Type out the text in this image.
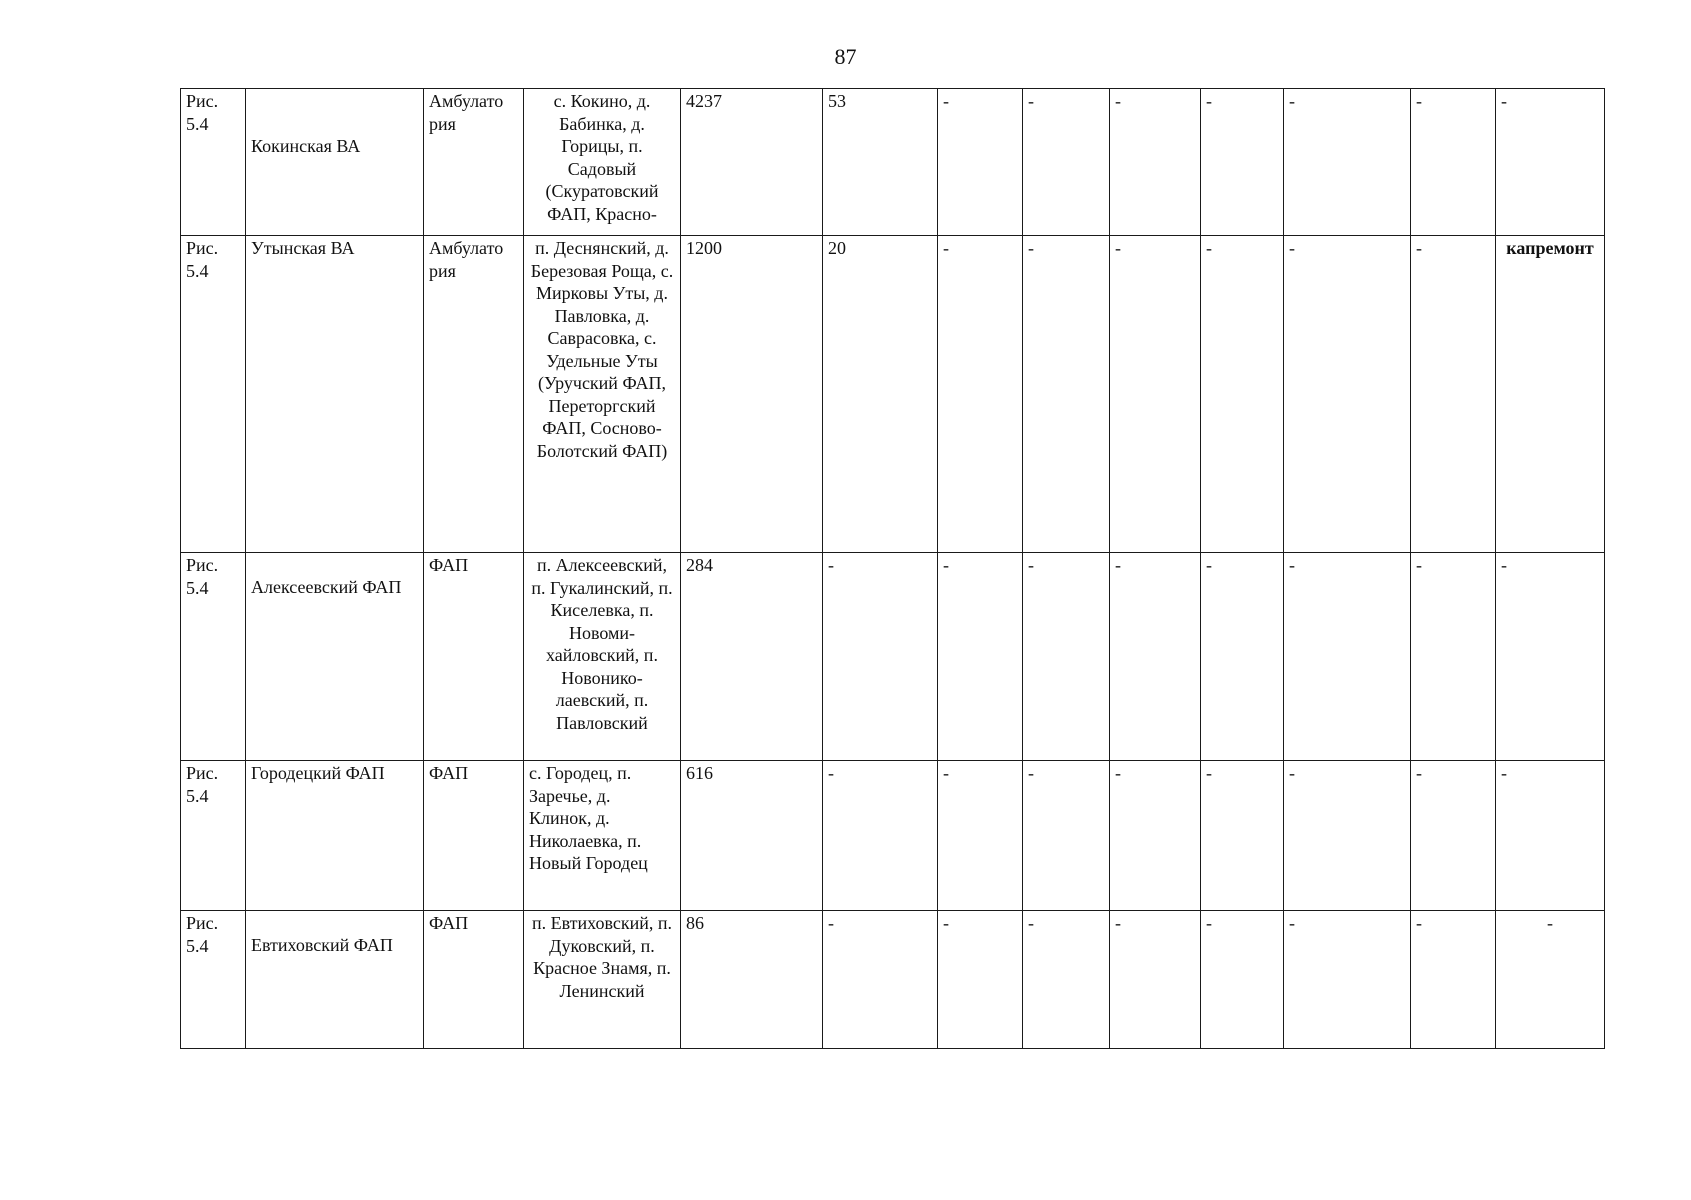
87
Рис. 5.4	Кокинская ВА	Амбулато рия	с. Кокино, д. Бабинка, д. Горицы, п. Садовый (Скуратовский ФАП, Красно-	4237	53	-	-	-	-	-	-	-
Рис. 5.4	Утынская ВА	Амбулато рия	п. Деснянский, д. Березовая Роща, с. Мирковы Уты, д. Павловка, д. Саврасовка, с. Удельные Уты (Уручcкий ФАП, Переторгский ФАП, Сосново-Болотский ФАП)	1200	20	-	-	-	-	-	-	капремонт
Рис. 5.4	Алексеевский ФАП	ФАП	п. Алексеевский, п. Гукалинский, п. Киселевка, п. Новоми-хайловский, п. Новонико-лаевский, п. Павловский	284	-	-	-	-	-	-	-	-
Рис. 5.4	Городецкий ФАП	ФАП	с. Городец, п. Заречье, д. Клинок, д. Николаевка, п. Новый Городец	616	-	-	-	-	-	-	-	-
Рис. 5.4	Евтиховский ФАП	ФАП	п. Евтиховский, п. Дуковский, п. Красное Знамя, п. Ленинский	86	-	-	-	-	-	-	-	-
